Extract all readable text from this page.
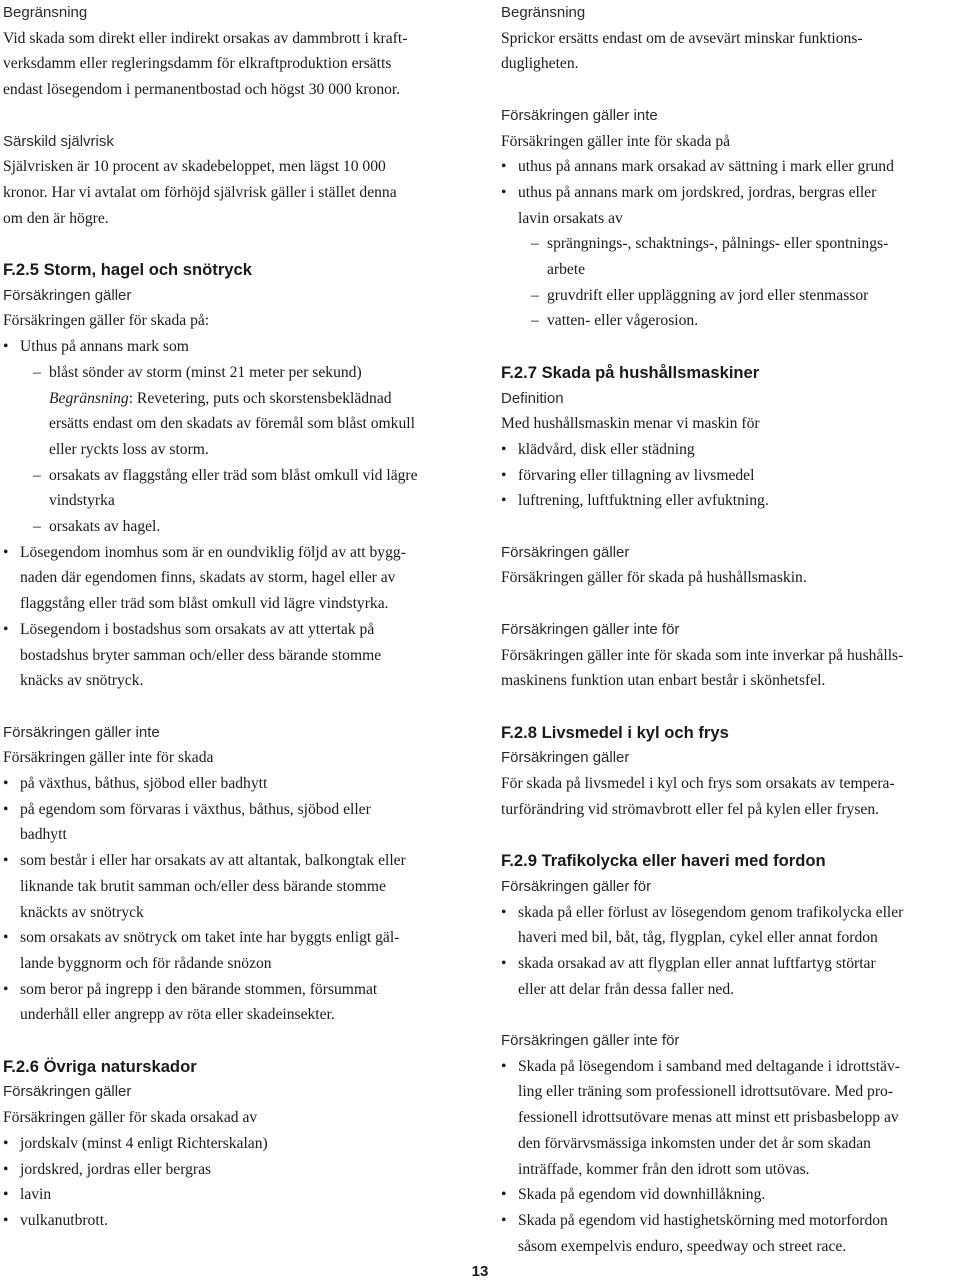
Begränsning

Vid skada som direkt eller indirekt orsakas av dammbrott i kraft-

verksdamm eller regleringsdamm för elkraftproduktion ersätts

endast lösegendom i permanentbostad och högst 30 000 kronor.

Särskild självrisk

Självrisken är 10 procent av skadebeloppet, men lägst 10 000

kronor. Har vi avtalat om förhöjd självrisk gäller i stället denna

om den är högre.

F.2.5 Storm, hagel och snötryck

Försäkringen gäller

Försäkringen gäller för skada på:

• Uthus på annans mark som
– blåst sönder av storm (minst 21 meter per sekund)
Begränsning: Revetering, puts och skorstensbeklädnad
ersätts endast om den skadats av föremål som blåst omkull
eller ryckts loss av storm.
– orsakats av flaggstång eller träd som blåst omkull vid lägre
vindstyrka
– orsakats av hagel.
• Lösegendom inomhus som är en oundviklig följd av att bygg-
naden där egendomen finns, skadats av storm, hagel eller av
flaggstång eller träd som blåst omkull vid lägre vindstyrka.
• Lösegendom i bostadshus som orsakats av att yttertak på
bostadshus bryter samman och/eller dess bärande stomme
knäcks av snötryck.

Försäkringen gäller inte

Försäkringen gäller inte för skada

• på växthus, båthus, sjöbod eller badhytt
• på egendom som förvaras i växthus, båthus, sjöbod eller
badhytt
• som består i eller har orsakats av att altantak, balkongtak eller
liknande tak brutit samman och/eller dess bärande stomme
knäckts av snötryck
• som orsakats av snötryck om taket inte har byggts enligt gäl-
lande byggnorm och för rådande snözon
• som beror på ingrepp i den bärande stommen, försummat
underhåll eller angrepp av röta eller skadeinsekter.

F.2.6 Övriga naturskador

Försäkringen gäller

Försäkringen gäller för skada orsakad av

• jordskalv (minst 4 enligt Richterskalan)
• jordskred, jordras eller bergras
• lavin
• vulkanutbrott.

Begränsning

Sprickor ersätts endast om de avsevärt minskar funktions-

dugligheten.

Försäkringen gäller inte

Försäkringen gäller inte för skada på

• uthus på annans mark orsakad av sättning i mark eller grund
• uthus på annans mark om jordskred, jordras, bergras eller
lavin orsakats av
– sprängnings-, schaktnings-, pålnings- eller spontnings-
arbete
– gruvdrift eller uppläggning av jord eller stenmassor
– vatten- eller vågerosion.

F.2.7 Skada på hushållsmaskiner

Definition

Med hushållsmaskin menar vi maskin för

• klädvård, disk eller städning
• förvaring eller tillagning av livsmedel
• luftrening, luftfuktning eller avfuktning.

Försäkringen gäller

Försäkringen gäller för skada på hushållsmaskin.

Försäkringen gäller inte för

Försäkringen gäller inte för skada som inte inverkar på hushålls-

maskinens funktion utan enbart består i skönhetsfel.

F.2.8 Livsmedel i kyl och frys

Försäkringen gäller

För skada på livsmedel i kyl och frys som orsakats av tempera-

turförändring vid strömavbrott eller fel på kylen eller frysen.

F.2.9 Trafikolycka eller haveri med fordon

Försäkringen gäller för

• skada på eller förlust av lösegendom genom trafikolycka eller
haveri med bil, båt, tåg, flygplan, cykel eller annat fordon
• skada orsakad av att flygplan eller annat luftfartyg störtar
eller att delar från dessa faller ned.

Försäkringen gäller inte för

• Skada på lösegendom i samband med deltagande i idrottstäv-
ling eller träning som professionell idrottsutövare. Med pro-
fessionell idrottsutövare menas att minst ett prisbasbelopp av
den förvärvsmässiga inkomsten under det år som skadan
inträffade, kommer från den idrott som utövas.
• Skada på egendom vid downhillåkning.
• Skada på egendom vid hastighetskörning med motorfordon
såsom exempelvis enduro, speedway och street race.
13
